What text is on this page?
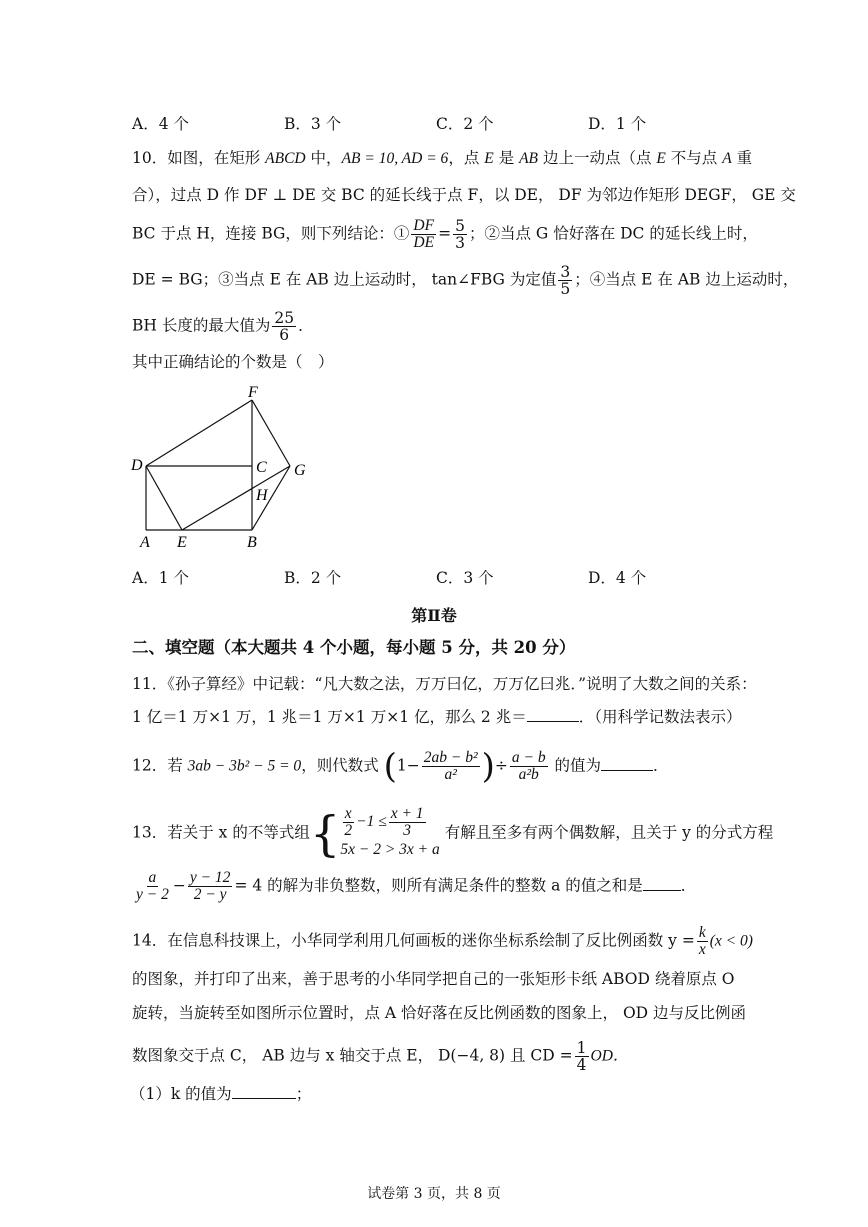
A．4 个	B．3 个	C．2 个	D．1 个
10．如图，在矩形 ABCD 中，AB = 10, AD = 6，点 E 是 AB 边上一动点（点 E 不与点 A 重
合），过点 D 作 DF ⊥ DE 交 BC 的延长线于点 F，以 DE， DF 为邻边作矩形 DEGF， GE 交
BC 于点 H，连接 BG，则下列结论：① $\frac{DF}{DE} = \frac{5}{3}$ ；②当点 G 恰好落在 DC 的延长线上时，
DE = BG；③当点 E 在 AB 边上运动时， tan∠FBG 为定值 $\frac{3}{5}$ ；④当点 E 在 AB 边上运动时，
BH 长度的最大值为 $\frac{25}{6}$ ．
其中正确结论的个数是（　）
F
D	C G
H
A E	B
A．1 个	B．2 个	C．3 个	D．4 个
第Ⅱ卷
二、填空题（本大题共 4 个小题，每小题 5 分，共 20 分）
11．《孙子算经》中记载：“凡大数之法，万万曰亿，万万亿曰兆．”说明了大数之间的关系：
1 亿＝1 万×1 万，1 兆＝1 万×1 万×1 亿，那么 2 兆＝	．（用科学记数法表示）
12．若 3ab − 3b² − 5 = 0，则代数式 ($1- \frac{\text{2ab − b²}}{\text{a²}}$ )÷ $\frac{a - b}{\text{a²b}}$ 的值为	．
13．若关于 x 的不等式组{ $\frac{x}{2} -1 \le \frac{x + 1}{3}$
5x − 2 > 3x + a
有解且至多有两个偶数解，且关于 y 的分式方程
$\frac{a}{y - 2} - \frac{y - 12}{2 - y} = 4$ 的解为非负整数，则所有满足条件的整数 a 的值之和是 ．
14．在信息科技课上，小华同学利用几何画板的迷你坐标系绘制了反比例函数 $y = \frac{k}{x} (x < 0)$
的图象，并打印了出来，善于思考的小华同学把自己的一张矩形卡纸 ABOD 绕着原点 O
旋转，当旋转至如图所示位置时，点 A 恰好落在反比例函数的图象上， OD 边与反比例函
数图象交于点 C， AB 边与 x 轴交于点 E， D(−4, 8) 且 CD = $\frac{1}{4}$ OD．
（1）k 的值为	；
试卷第 3 页，共 8 页
